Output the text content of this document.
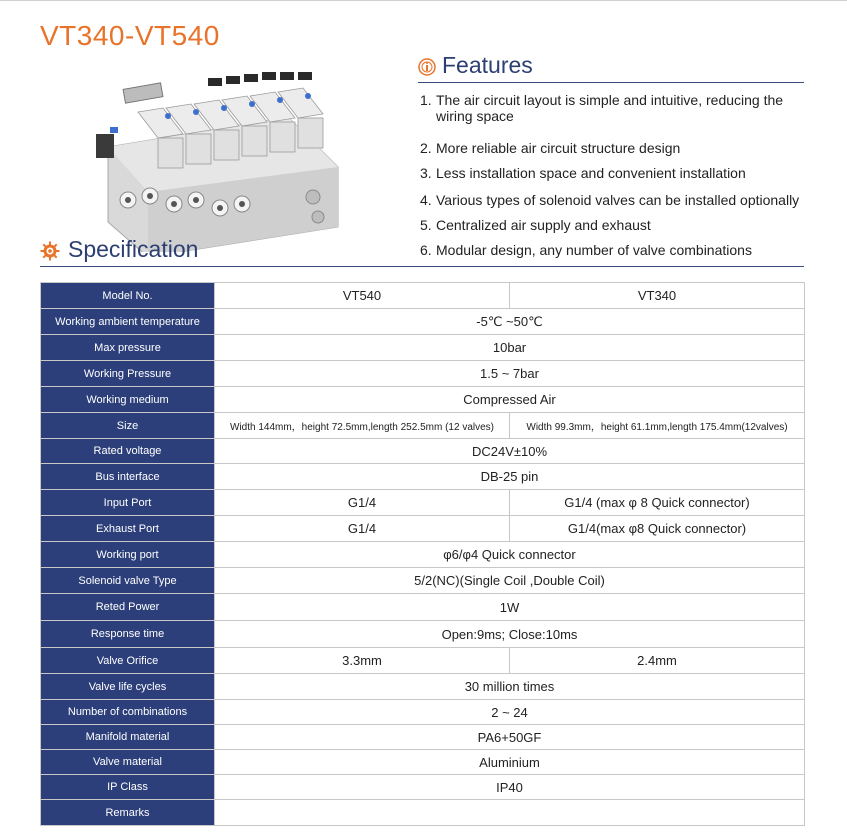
VT340-VT540
Features
1. The air circuit layout is simple and intuitive, reducing the wiring space
2. More reliable air circuit structure design
3. Less installation space and convenient installation
4. Various types of solenoid valves can be installed optionally
5. Centralized air supply and exhaust
6. Modular design, any number of valve combinations
Specification
Model No.	VT540	VT340
Working ambient temperature	-5℃ ~50℃	
Max pressure	10bar	
Working Pressure	1.5 ~ 7bar	
Working medium	Compressed Air	
Size	Width 144mm，height 72.5mm,length 252.5mm (12 valves)	Width 99.3mm，height 61.1mm,length 175.4mm(12valves)
Rated voltage	DC24V±10%	
Bus interface	DB-25 pin	
Input Port	G1/4	G1/4 (max φ 8 Quick connector)
Exhaust Port	G1/4	G1/4(max φ8 Quick connector)
Working port	φ6/φ4 Quick connector	
Solenoid valve Type	5/2(NC)(Single Coil ,Double Coil)	
Reted Power	1W	
Response time	Open:9ms; Close:10ms	
Valve Orifice	3.3mm	2.4mm
Valve life cycles	30 million times	
Number of combinations	2 ~ 24	
Manifold material	PA6+50GF	
Valve material	Aluminium	
IP Class	IP40	
Remarks		
